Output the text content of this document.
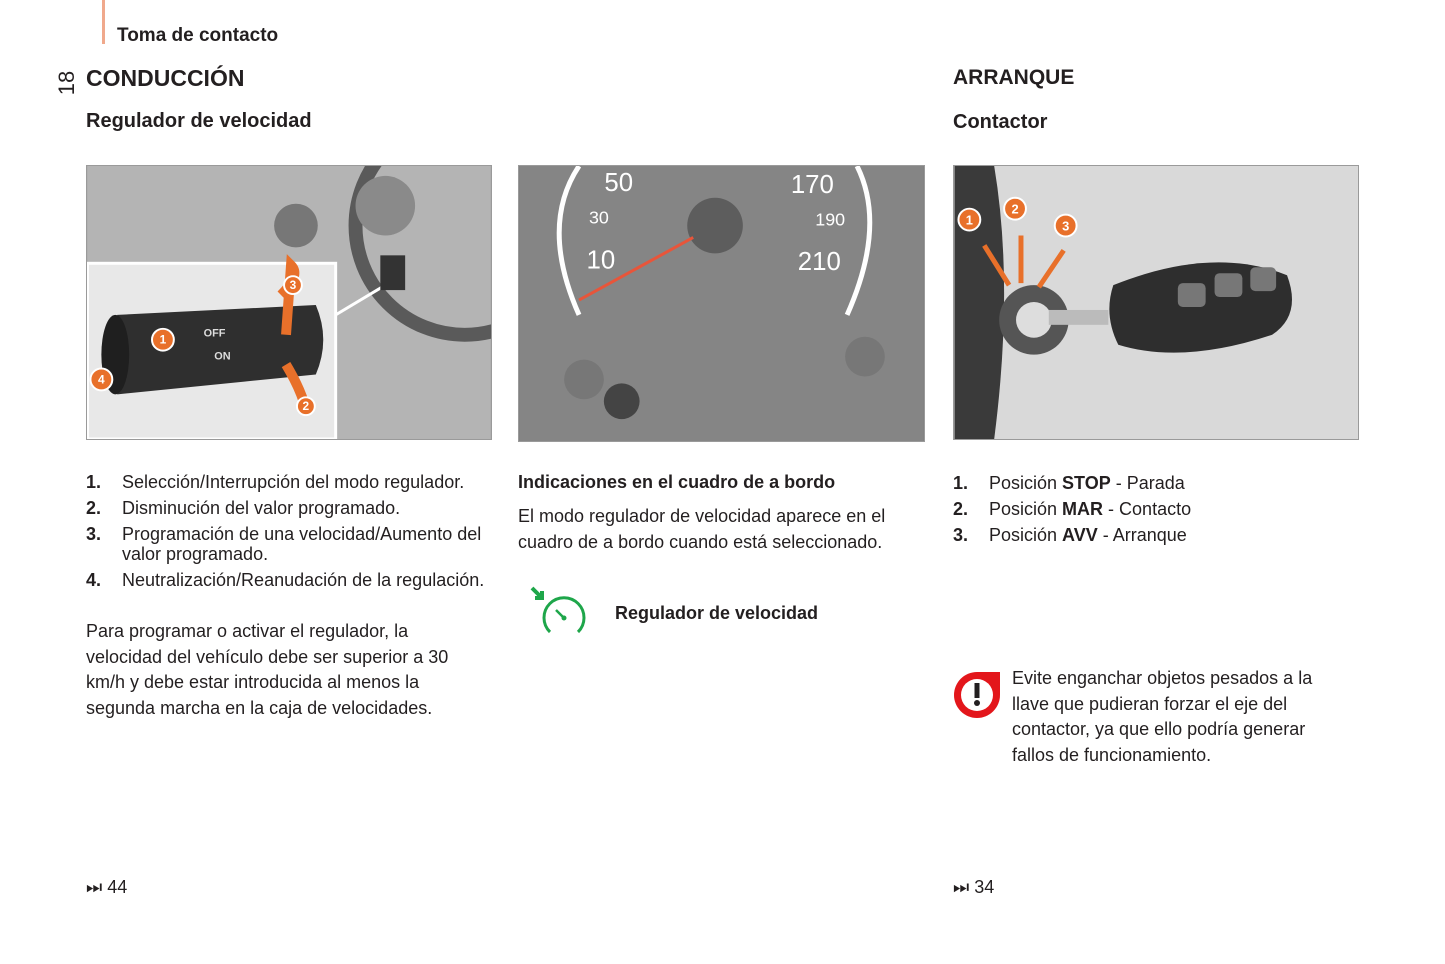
Toma de contacto
18 CONDUCCIÓN
Regulador de velocidad
1
2
3
4
OFF
ON
1.	Selección/Interrupción del modo regulador.
2.	Disminución del valor programado.
3.	Programación de una velocidad/Aumento del valor programado.
4.	Neutralización/Reanudación de la regulación.

Para programar o activar el regulador, la velocidad del vehículo debe ser superior a 30 km/h y debe estar introducida al menos la segunda marcha en la caja de velocidades.

⏭ 44
50
30
10
170
190
210
Indicaciones en el cuadro de a bordo

El modo regulador de velocidad aparece en el cuadro de a bordo cuando está seleccionado.

Regulador de velocidad
ARRANQUE
Contactor
1
2
3
1.	Posición STOP - Parada
2.	Posición MAR - Contacto
3.	Posición AVV - Arranque

Evite enganchar objetos pesados a la llave que pudieran forzar el eje del contactor, ya que ello podría generar fallos de funcionamiento.

⏭ 34
